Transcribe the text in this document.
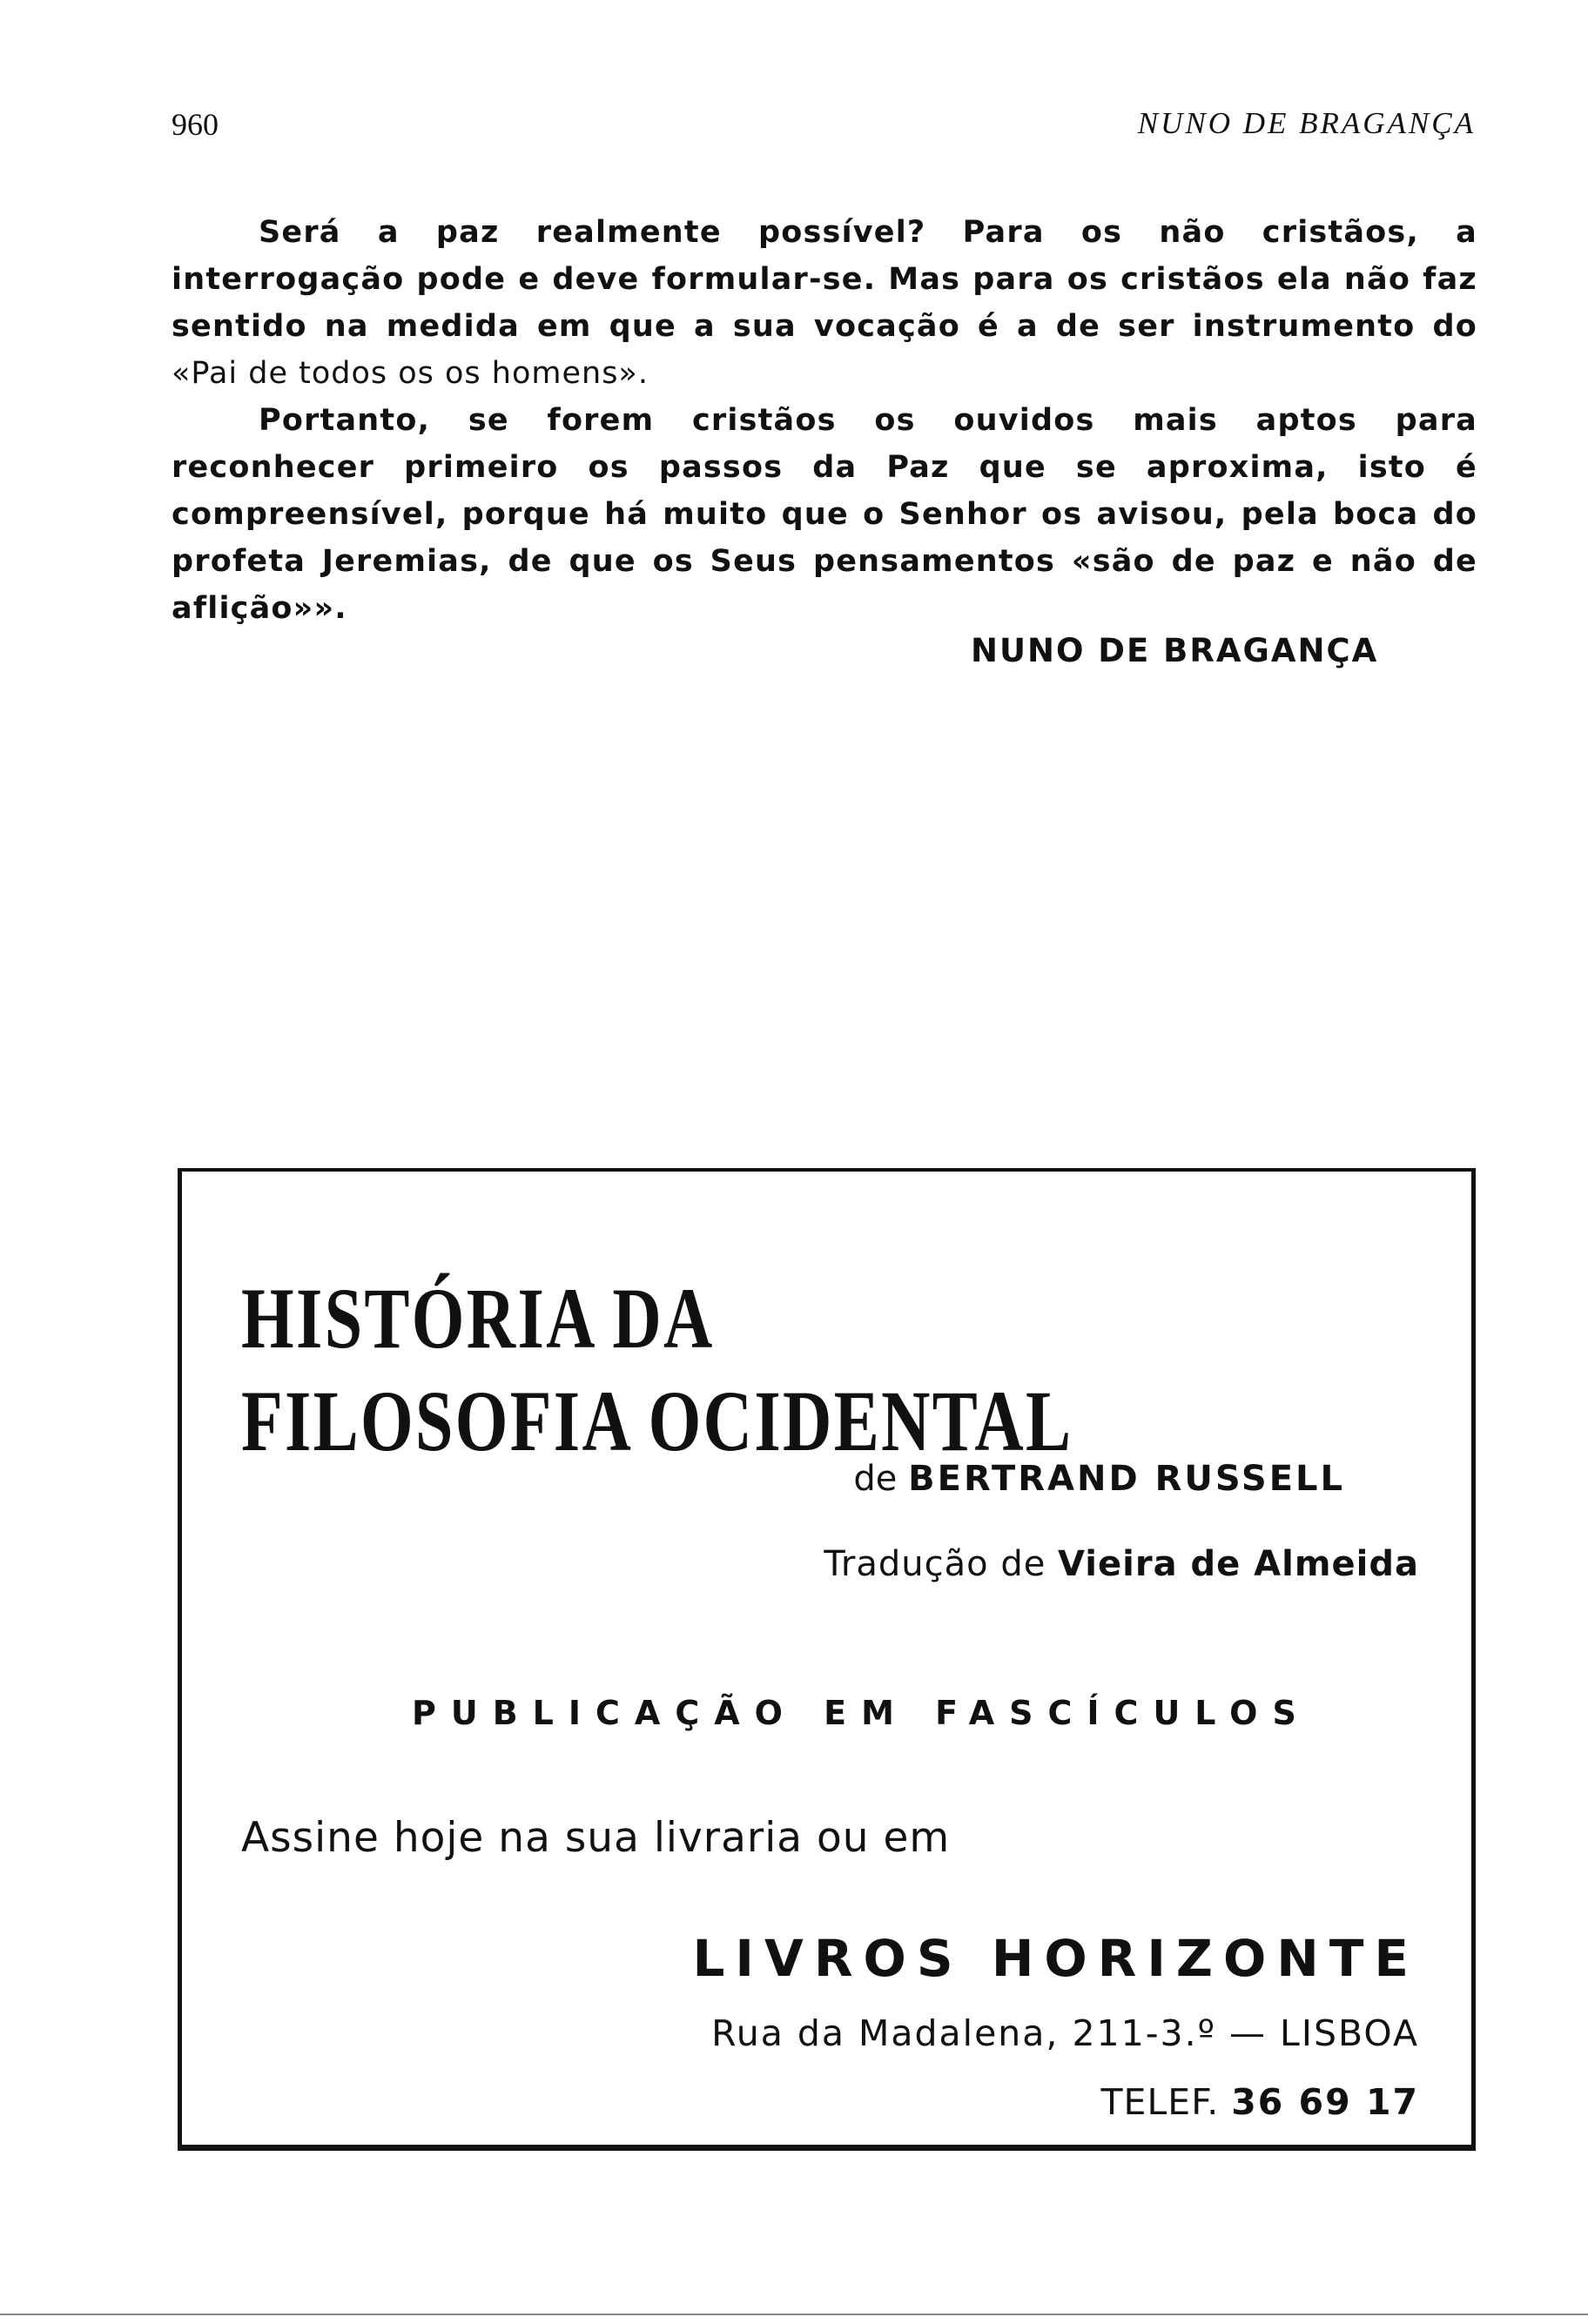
960	NUNO DE BRAGANÇA

Será a paz realmente possível? Para os não cristãos, a interrogação pode e deve formular-se. Mas para os cristãos ela não faz sentido na medida em que a sua vocação é a de ser instrumento do «Pai de todos os os homens».

Portanto, se forem cristãos os ouvidos mais aptos para reconhecer primeiro os passos da Paz que se aproxima, isto é compreensível, porque há muito que o Senhor os avisou, pela boca do profeta Jeremias, de que os Seus pensamentos «são de paz e não de aflição»».

NUNO DE BRAGANÇA
HISTÓRIA DA
FILOSOFIA OCIDENTAL
de BERTRAND RUSSELL
Tradução de Vieira de Almeida
PUBLICAÇÃO EM FASCÍCULOS
Assine hoje na sua livraria ou em
LIVROS HORIZONTE
Rua da Madalena, 211-3.º — LISBOA
TELEF. 36 69 17
